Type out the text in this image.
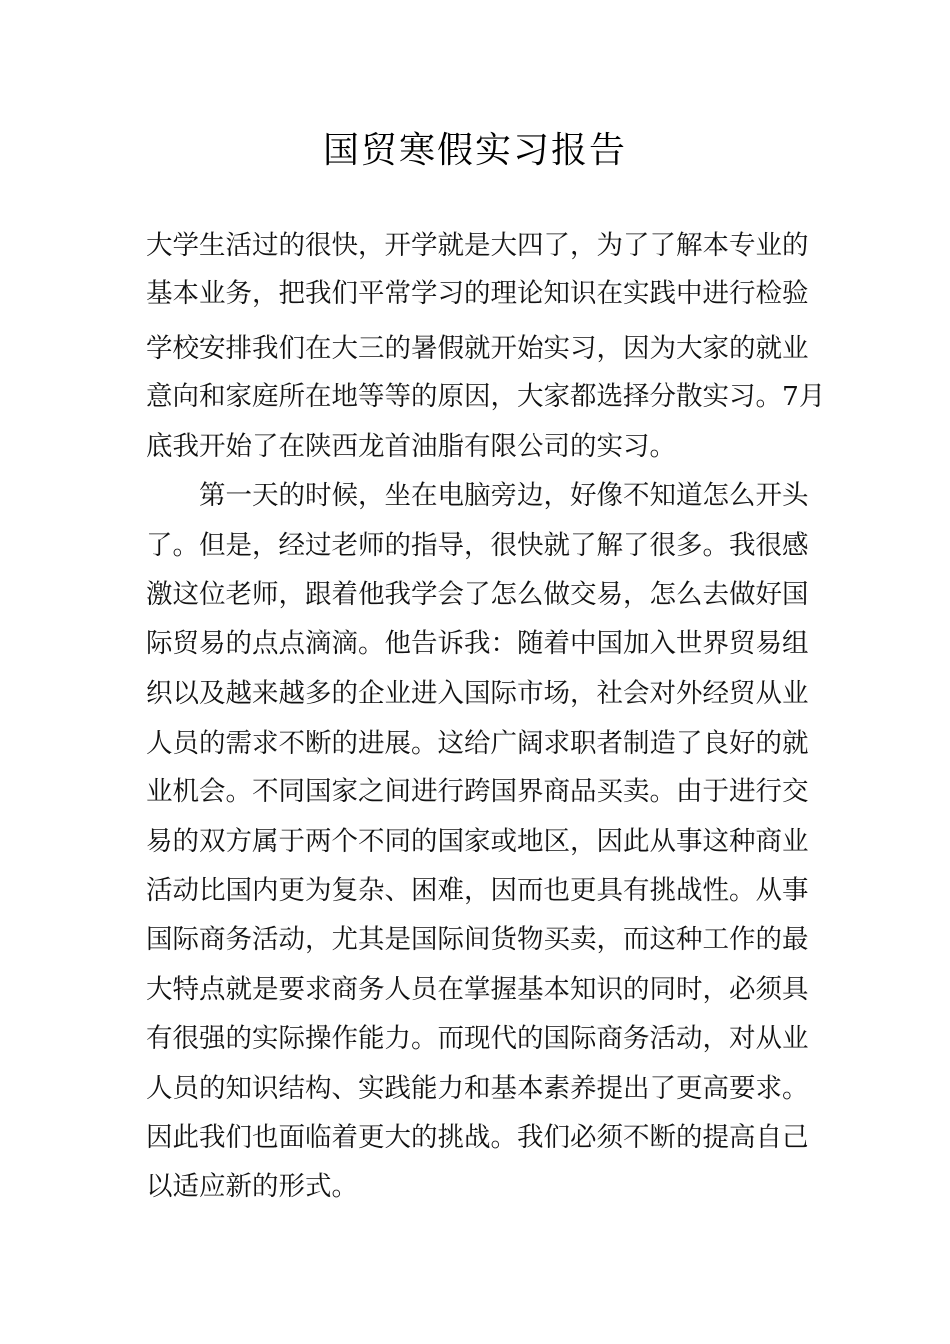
国贸寒假实习报告
大学生活过的很快，开学就是大四了，为了了解本专业的
基本业务，把我们平常学习的理论知识在实践中进行检验
学校安排我们在大三的暑假就开始实习，因为大家的就业
意向和家庭所在地等等的原因，大家都选择分散实习。7月
底我开始了在陕西龙首油脂有限公司的实习。
第一天的时候，坐在电脑旁边，好像不知道怎么开头
了。但是，经过老师的指导，很快就了解了很多。我很感
激这位老师，跟着他我学会了怎么做交易，怎么去做好国
际贸易的点点滴滴。他告诉我：随着中国加入世界贸易组
织以及越来越多的企业进入国际市场，社会对外经贸从业
人员的需求不断的进展。这给广阔求职者制造了良好的就
业机会。不同国家之间进行跨国界商品买卖。由于进行交
易的双方属于两个不同的国家或地区，因此从事这种商业
活动比国内更为复杂、困难，因而也更具有挑战性。从事
国际商务活动，尤其是国际间货物买卖，而这种工作的最
大特点就是要求商务人员在掌握基本知识的同时，必须具
有很强的实际操作能力。而现代的国际商务活动，对从业
人员的知识结构、实践能力和基本素养提出了更高要求。
因此我们也面临着更大的挑战。我们必须不断的提高自己
以适应新的形式。
